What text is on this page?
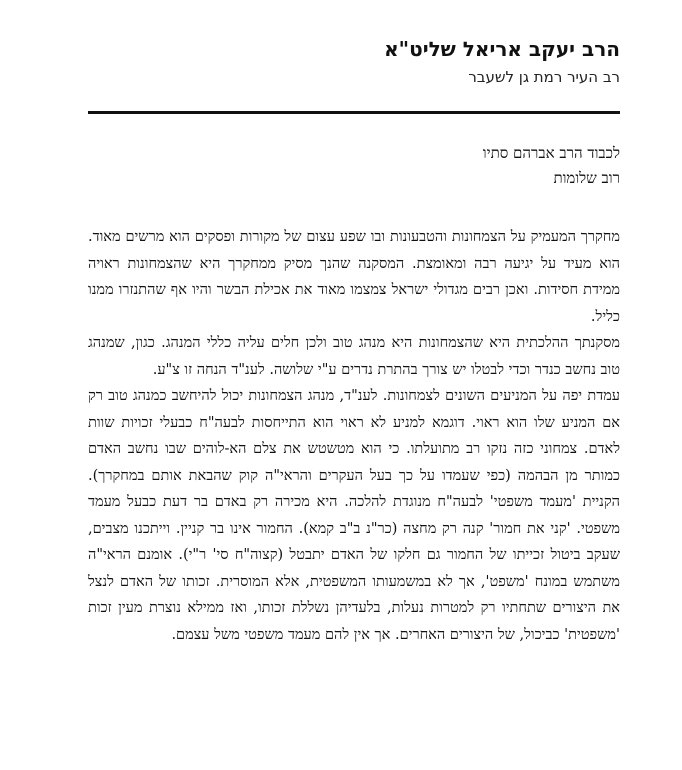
הרב יעקב אריאל שליט"א
רב העיר רמת גן לשעבר

לכבוד הרב אברהם סתיו

רוב שלומות

מחקרך המעמיק על הצמחונות והטבעונות ובו שפע עצום של מקורות ופסקים הוא מרשים מאוד. הוא מעיד על יגיעה רבה ומאומצת. המסקנה שהנך מסיק ממחקרך היא שהצמחונות ראויה ממידת חסידות. ואכן רבים מגדולי ישראל צמצמו מאוד את אכילת הבשר והיו אף שהתנזרו ממנו כליל.

מסקנתך ההלכתית היא שהצמחונות היא מנהג טוב ולכן חלים עליה כללי המנהג. כגון, שמנהג טוב נחשב כנדר וכדי לבטלו יש צורך בהתרת נדרים ע"י שלושה. לענ"ד הנחה זו צ"ע.

עמדת יפה על המניעים השונים לצמחונות. לענ"ד, מנהג הצמחונות יכול להיחשב כמנהג טוב רק אם המניע שלו הוא ראוי. דוגמא למניע לא ראוי הוא התייחסות לבעה"ח כבעלי זכויות שוות לאדם. צמחוני כזה נזקו רב מתועלתו. כי הוא מטשטש את צלם הא-לוהים שבו נחשב האדם כמותר מן הבהמה (כפי שעמדו על כך בעל העקרים והראי"ה קוק שהבאת אותם במחקרך). הקניית 'מעמד משפטי' לבעה"ח מנוגדת להלכה. היא מכירה רק באדם בר דעת כבעל מעמד משפטי. 'קני את חמור' קנה רק מחצה (כר"נ ב"ב קמא). החמור אינו בר קניין. וייתכנו מצבים, שעקב ביטול זכייתו של החמור גם חלקו של האדם יתבטל (קצוה"ח סי' ר"י). אומנם הראי"ה משתמש במונח 'משפט', אך לא במשמעותו המשפטית, אלא המוסרית. זכותו של האדם לנצל את היצורים שתחתיו רק למטרות נעלות, בלעדיהן נשללת זכותו, ואז ממילא נוצרת מעין זכות 'משפטית' כביכול, של היצורים האחרים. אך אין להם מעמד משפטי משל עצמם.
